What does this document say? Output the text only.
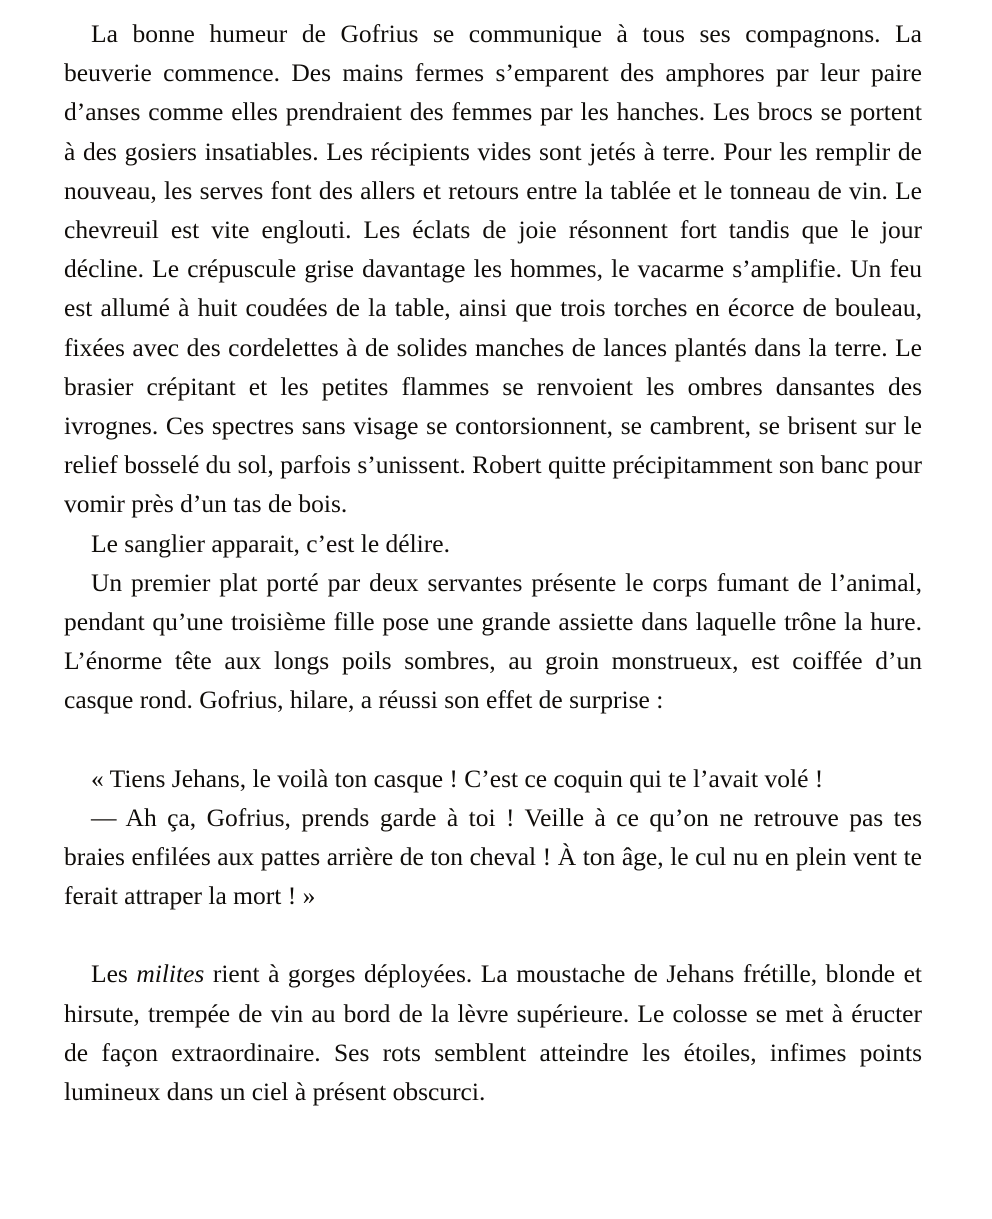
La bonne humeur de Gofrius se communique à tous ses compagnons. La beuverie commence. Des mains fermes s’emparent des amphores par leur paire d’anses comme elles prendraient des femmes par les hanches. Les brocs se portent à des gosiers insatiables. Les récipients vides sont jetés à terre. Pour les remplir de nouveau, les serves font des allers et retours entre la tablée et le tonneau de vin. Le chevreuil est vite englouti. Les éclats de joie résonnent fort tandis que le jour décline. Le crépuscule grise davantage les hommes, le vacarme s’amplifie. Un feu est allumé à huit coudées de la table, ainsi que trois torches en écorce de bouleau, fixées avec des cordelettes à de solides manches de lances plantés dans la terre. Le brasier crépitant et les petites flammes se renvoient les ombres dansantes des ivrognes. Ces spectres sans visage se contorsionnent, se cambrent, se brisent sur le relief bosselé du sol, parfois s’unissent. Robert quitte précipitamment son banc pour vomir près d’un tas de bois.

Le sanglier apparait, c’est le délire.

Un premier plat porté par deux servantes présente le corps fumant de l’animal, pendant qu’une troisième fille pose une grande assiette dans laquelle trône la hure. L’énorme tête aux longs poils sombres, au groin monstrueux, est coiffée d’un casque rond. Gofrius, hilare, a réussi son effet de surprise :

« Tiens Jehans, le voilà ton casque ! C’est ce coquin qui te l’avait volé !

— Ah ça, Gofrius, prends garde à toi ! Veille à ce qu’on ne retrouve pas tes braies enfilées aux pattes arrière de ton cheval ! À ton âge, le cul nu en plein vent te ferait attraper la mort ! »

Les milites rient à gorges déployées. La moustache de Jehans frétille, blonde et hirsute, trempée de vin au bord de la lèvre supérieure. Le colosse se met à éructer de façon extraordinaire. Ses rots semblent atteindre les étoiles, infimes points lumineux dans un ciel à présent obscurci.
